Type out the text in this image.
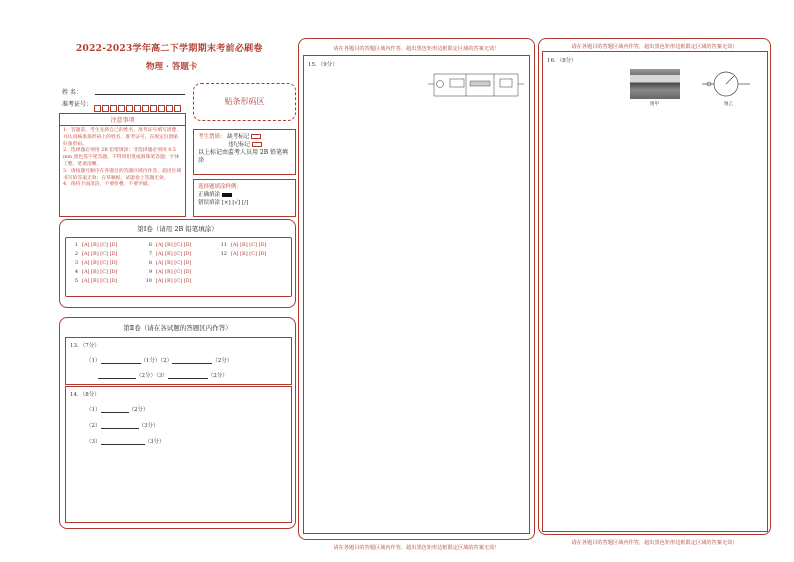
2022-2023学年高二下学期期末考前必刷卷
物理 · 答题卡
姓 名：
准考证号：	贴条形码区
注意事项
1．答题前，考生先将自己的姓名，准考证号填写清楚，并认真核准条形码上的姓名、准考证号，在规定位置贴好条形码。
2．选择题必须用 2B 铅笔填涂；非选择题必须用 0.5 mm 黑色签字笔答题，不得用铅笔或圆珠笔答题；字体工整、笔迹清晰。
3．请按题号顺序在各题目的答题区域内作答，超出区域书写的答案无效；在草稿纸、试题卷上答题无效。
4．保持卡面清洁，不要折叠、不要弄破。
考生禁填： 缺考标记
违纪标记
以上标记由监考人员用 2B 铅笔填涂
选择题填涂样例：
正确填涂
错误填涂 [×] [√] [/]
第Ⅰ卷（请用 2B 铅笔填涂）
1 [A] [B] [C] [D]
2 [A] [B] [C] [D]
3 [A] [B] [C] [D]
4 [A] [B] [C] [D]
5 [A] [B] [C] [D]
6 [A] [B] [C] [D]
7 [A] [B] [C] [D]
8 [A] [B] [C] [D]
9 [A] [B] [C] [D]
10 [A] [B] [C] [D]
11 [A] [B] [C] [D]
12 [A] [B] [C] [D]
第Ⅱ卷（请在各试题的答题区内作答）
13．（7分）
（1）	（1分）（2）	（2分）
（2分）（3）	（2分）
14．（8分）
（1）	（2分）
（2）	（3分）
（3）	（3分）
请在各题目的答题区域内作答，超出黑色矩形边框限定区域的答案无效！
15．（9分）
请在各题目的答题区域内作答，超出黑色矩形边框限定区域的答案无效！
请在各题目的答题区域内作答，超出黑色矩形边框限定区域的答案无效！
16．（8分）
图甲	图乙
请在各题目的答题区域内作答，超出黑色矩形边框限定区域的答案无效！
